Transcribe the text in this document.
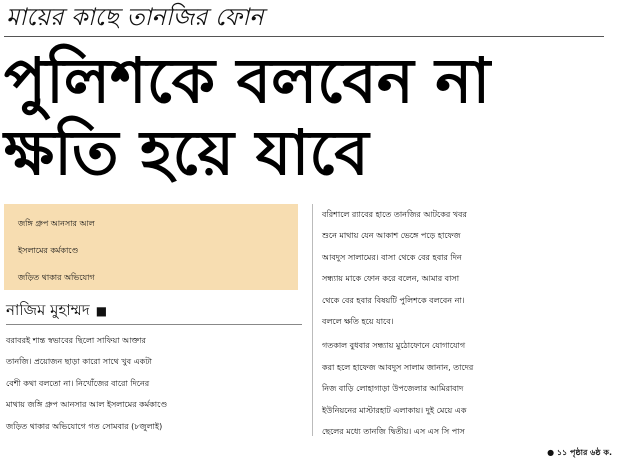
মায়ের কাছে তানজির ফোন
পুলিশকে বলবেন না
ক্ষতি হয়ে যাবে
জঙ্গি গ্রুপ আনসার আল
ইসলামের কর্মকাণ্ডে
জড়িত থাকার অভিযোগ
নাজিম মুহাম্মদ ■
বরাবরই শান্ত স্বভাবের ছিলো সাফিয়া আক্তার
তানজি। প্রয়োজন ছাড়া কারো সাথে খুব একটা
বেশী কথা বলতো না। নিখোঁজের বারো দিনের
মাথায় জঙ্গি গ্রুপ আনসার আল ইসলামের কর্মকাণ্ডে
জড়িত থাকার অভিযোগে গত সোমবার (৮জুলাই)
বরিশালে র‍্যাবের হাতে তানজির আটকের খবর
শুনে মাথায় যেন আকাশ ভেঙ্গে পড়ে হাফেজ
আবদুস সালামের। বাসা থেকে বের হবার দিন
সন্ধ্যায় মাকে ফোন করে বলেন, আমার বাসা
থেকে বের হবার বিষয়টি পুলিশকে বলবেন না।
বললে ক্ষতি হয়ে যাবে।
গতকাল বুধবার সন্ধ্যায় মুঠোফোনে যোগাযোগ
করা হলে হাফেজ আবদুস সালাম জানান, তাদের
নিজ বাড়ি লোহাগাড়া উপজেলার আমিরাবাদ
ইউনিয়নের মাস্টারহাট এলাকায়। দুই মেয়ে এক
ছেলের মধ্যে তানজি দ্বিতীয়। এস এস সি পাস
● ১১ পৃষ্ঠার ৬ষ্ঠ ক.
